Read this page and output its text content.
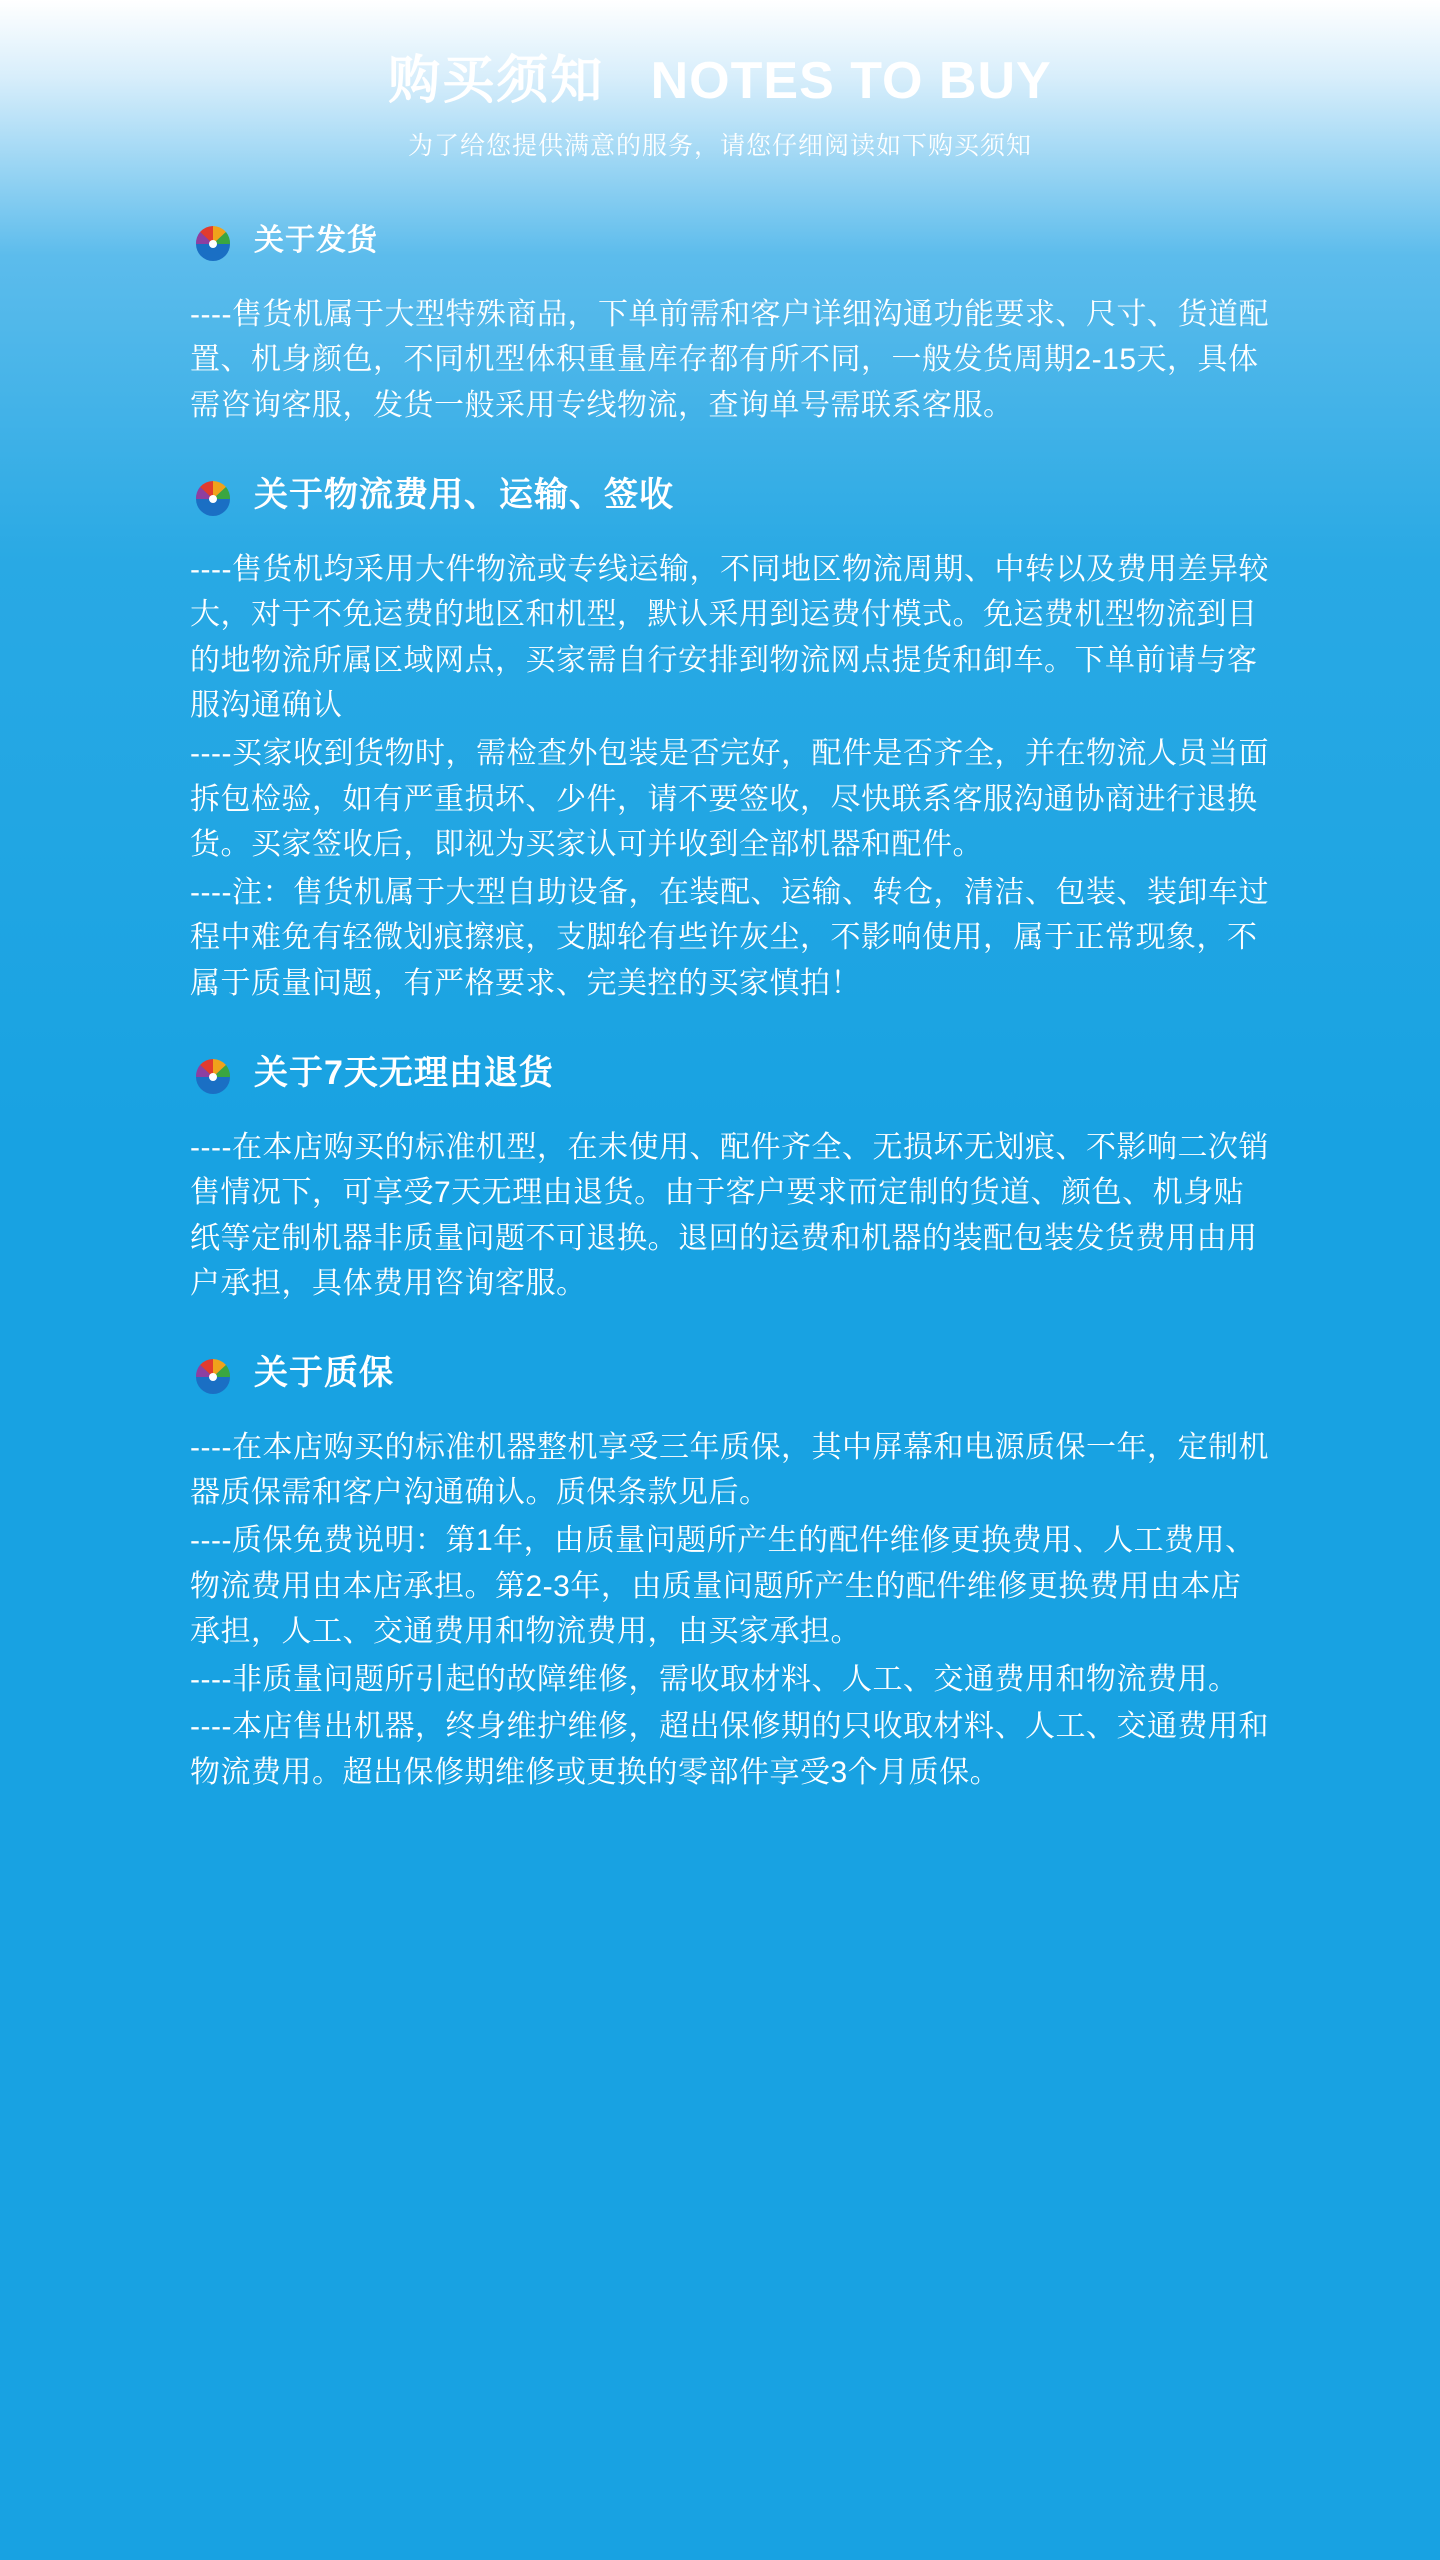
购买须知 NOTES TO BUY
为了给您提供满意的服务，请您仔细阅读如下购买须知
关于发货

----售货机属于大型特殊商品，下单前需和客户详细沟通功能要求、尺寸、货道配置、机身颜色，不同机型体积重量库存都有所不同，一般发货周期2-15天，具体需咨询客服，发货一般采用专线物流，查询单号需联系客服。

关于物流费用、运输、签收

----售货机均采用大件物流或专线运输，不同地区物流周期、中转以及费用差异较大，对于不免运费的地区和机型，默认采用到运费付模式。免运费机型物流到目的地物流所属区域网点，买家需自行安排到物流网点提货和卸车。下单前请与客服沟通确认

----买家收到货物时，需检查外包装是否完好，配件是否齐全，并在物流人员当面拆包检验，如有严重损坏、少件，请不要签收，尽快联系客服沟通协商进行退换货。买家签收后，即视为买家认可并收到全部机器和配件。

----注：售货机属于大型自助设备，在装配、运输、转仓，清洁、包装、装卸车过程中难免有轻微划痕擦痕，支脚轮有些许灰尘，不影响使用，属于正常现象，不属于质量问题，有严格要求、完美控的买家慎拍！

关于7天无理由退货

----在本店购买的标准机型，在未使用、配件齐全、无损坏无划痕、不影响二次销售情况下，可享受7天无理由退货。由于客户要求而定制的货道、颜色、机身贴纸等定制机器非质量问题不可退换。退回的运费和机器的装配包装发货费用由用户承担，具体费用咨询客服。

关于质保

----在本店购买的标准机器整机享受三年质保，其中屏幕和电源质保一年，定制机器质保需和客户沟通确认。质保条款见后。

----质保免费说明：第1年，由质量问题所产生的配件维修更换费用、人工费用、物流费用由本店承担。第2-3年，由质量问题所产生的配件维修更换费用由本店承担，人工、交通费用和物流费用，由买家承担。

----非质量问题所引起的故障维修，需收取材料、人工、交通费用和物流费用。

----本店售出机器，终身维护维修，超出保修期的只收取材料、人工、交通费用和物流费用。超出保修期维修或更换的零部件享受3个月质保。
